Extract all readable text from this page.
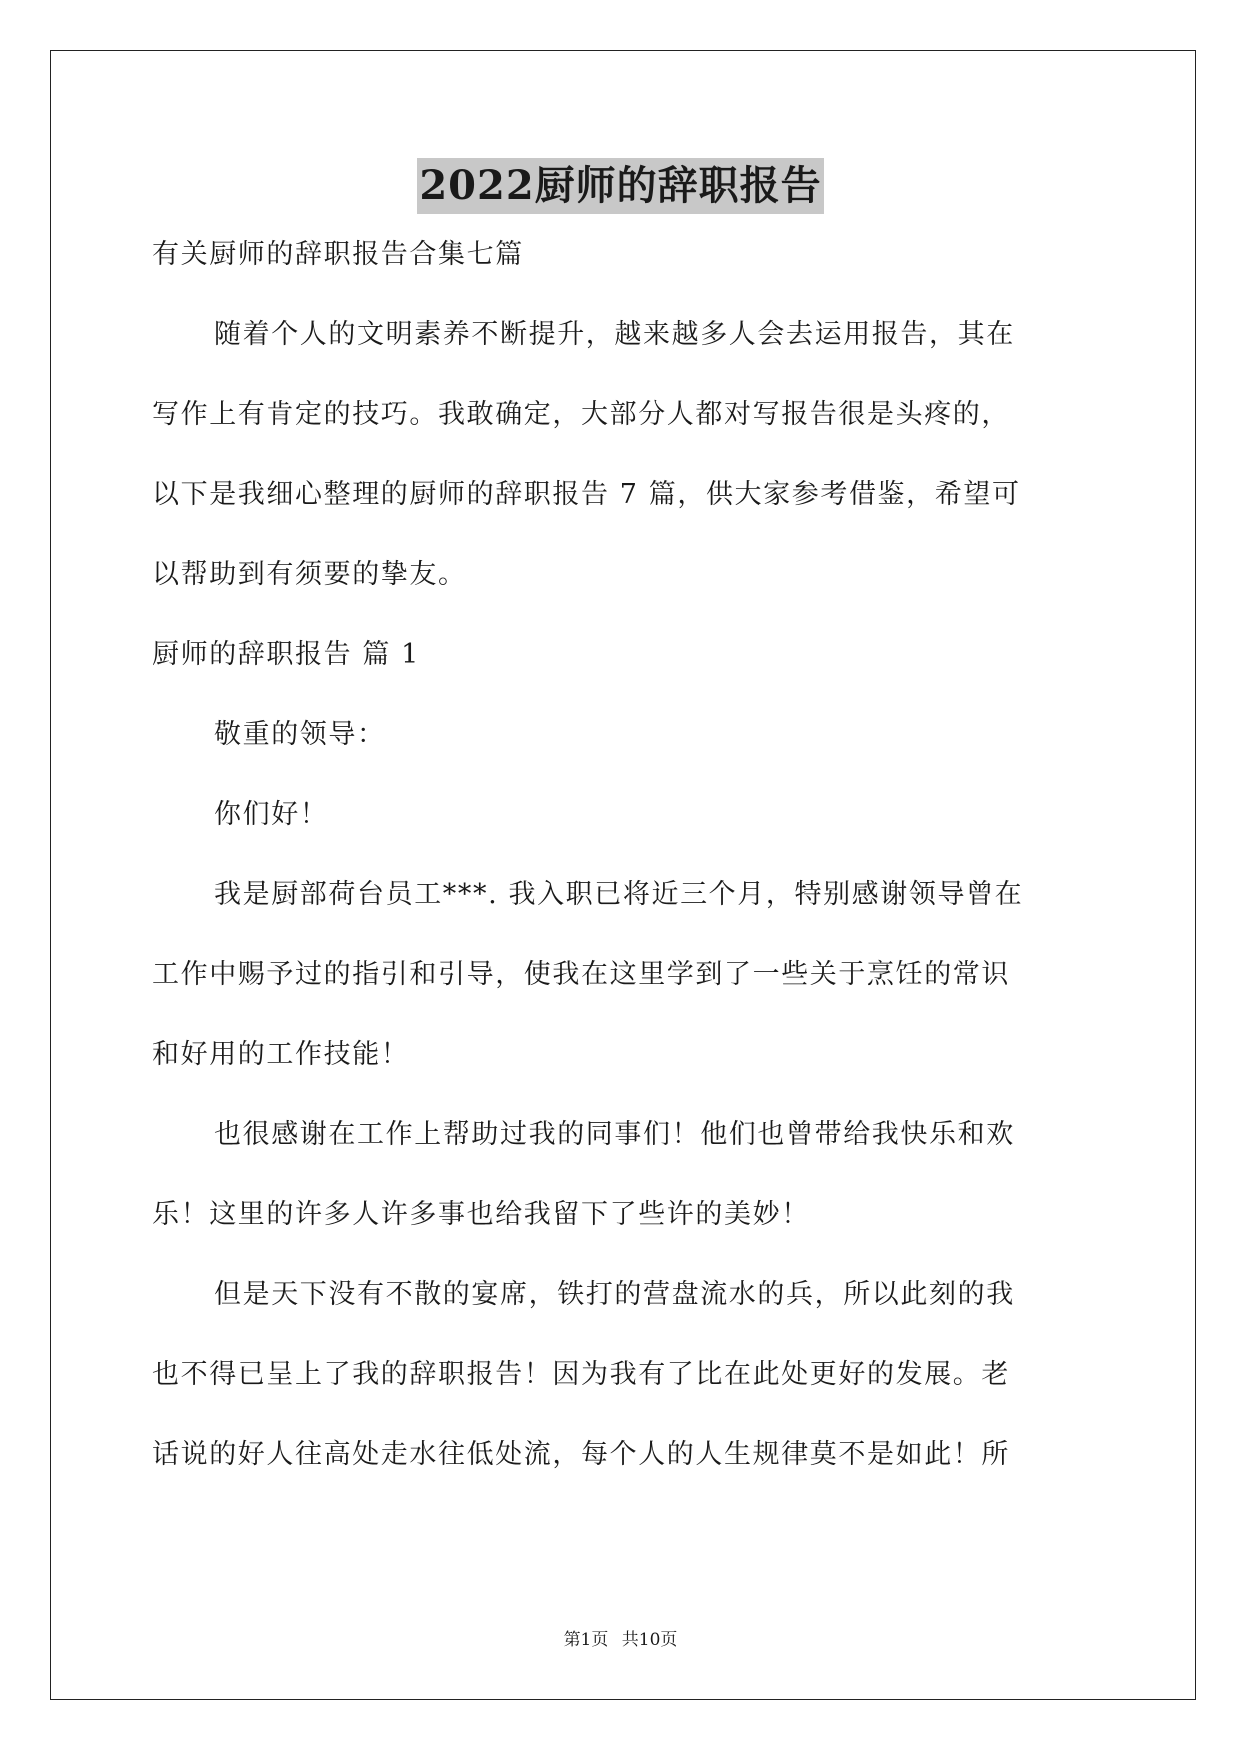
2022厨师的辞职报告
有关厨师的辞职报告合集七篇
随着个人的文明素养不断提升，越来越多人会去运用报告，其在
写作上有肯定的技巧。我敢确定，大部分人都对写报告很是头疼的，
以下是我细心整理的厨师的辞职报告 7 篇，供大家参考借鉴，希望可
以帮助到有须要的挚友。
厨师的辞职报告 篇 1
敬重的领导：
你们好！
我是厨部荷台员工***. 我入职已将近三个月，特别感谢领导曾在
工作中赐予过的指引和引导，使我在这里学到了一些关于烹饪的常识
和好用的工作技能！
也很感谢在工作上帮助过我的同事们！他们也曾带给我快乐和欢
乐！这里的许多人许多事也给我留下了些许的美妙！
但是天下没有不散的宴席，铁打的营盘流水的兵，所以此刻的我
也不得已呈上了我的辞职报告！因为我有了比在此处更好的发展。老
话说的好人往高处走水往低处流，每个人的人生规律莫不是如此！所
第1页 共10页
